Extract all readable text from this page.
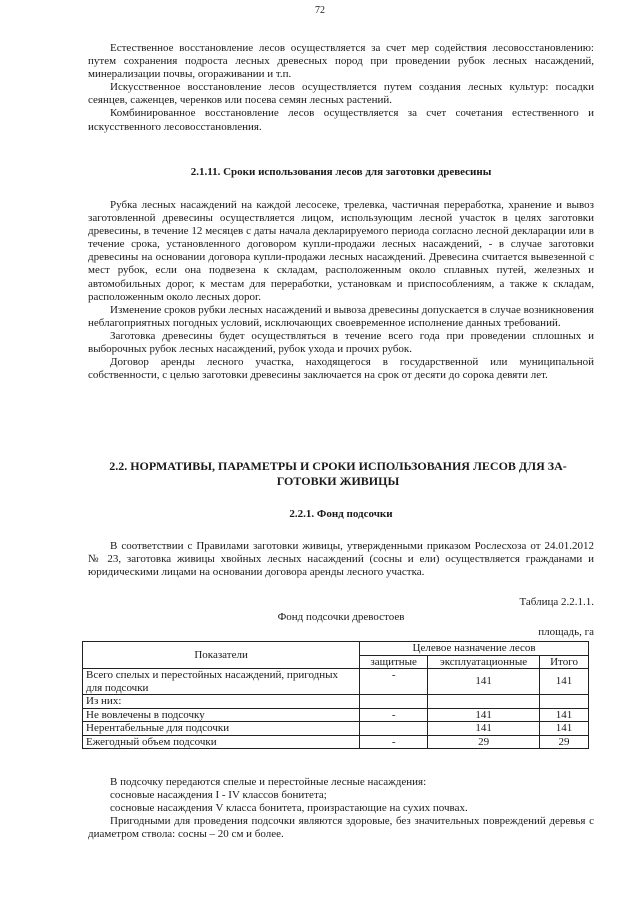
72

Естественное восстановление лесов осуществляется за счет мер содействия лесовосстановлению: путем сохранения подроста лесных древесных пород при проведении рубок лесных насаждений, минерализации почвы, огораживании и т.п.

Искусственное восстановление лесов осуществляется путем создания лесных культур: посадки сеянцев, саженцев, черенков или посева семян лесных растений.

Комбинированное восстановление лесов осуществляется за счет сочетания естественного и искусственного лесовосстановления.

2.1.11. Сроки использования лесов для заготовки древесины

Рубка лесных насаждений на каждой лесосеке, трелевка, частичная переработка, хранение и вывоз заготовленной древесины осуществляется лицом, использующим лесной участок в целях заготовки древесины, в течение 12 месяцев с даты начала декларируемого периода согласно лесной декларации или в течение срока, установленного договором купли-продажи лесных насаждений, - в случае заготовки древесины на основании договора купли-продажи лесных насаждений. Древесина считается вывезенной с мест рубок, если она подвезена к складам, расположенным около сплавных путей, железных и автомобильных дорог, к местам для переработки, установкам и приспособлениям, а также к складам, расположенным около лесных дорог.

Изменение сроков рубки лесных насаждений и вывоза древесины допускается в случае возникновения неблагоприятных погодных условий, исключающих своевременное исполнение данных требований.

Заготовка древесины будет осуществляться в течение всего года при проведении сплошных и выборочных рубок лесных насаждений, рубок ухода и прочих рубок.

Договор аренды лесного участка, находящегося в государственной или муниципальной собственности, с целью заготовки древесины заключается на срок от десяти до сорока девяти лет.

2.2. НОРМАТИВЫ, ПАРАМЕТРЫ И СРОКИ ИСПОЛЬЗОВАНИЯ ЛЕСОВ ДЛЯ ЗАГОТОВКИ ЖИВИЦЫ
2.2.1. Фонд подсочки

В соответствии с Правилами заготовки живицы, утвержденными приказом Рослесхоза от 24.01.2012 № 23, заготовка живицы хвойных лесных насаждений (сосны и ели) осуществляется гражданами и юридическими лицами на основании договора аренды лесного участка.

Таблица 2.2.1.1.
Фонд подсочки древостоев
площадь, га
Показатели	Целевое назначение лесов		
	защитные	эксплуатационные	Итого
Всего спелых и перестойных насаждений, пригодных для подсочки	-	141	141
Из них:			
Не вовлечены в подсочку	-	141	141
Нерентабельные для подсочки		141	141
Ежегодный объем подсочки	-	29	29

В подсочку передаются спелые и перестойные лесные насаждения:

сосновые насаждения I - IV классов бонитета;

сосновые насаждения V класса бонитета, произрастающие на сухих почвах.

Пригодными для проведения подсочки являются здоровые, без значительных повреждений деревья с диаметром ствола: сосны – 20 см и более.
